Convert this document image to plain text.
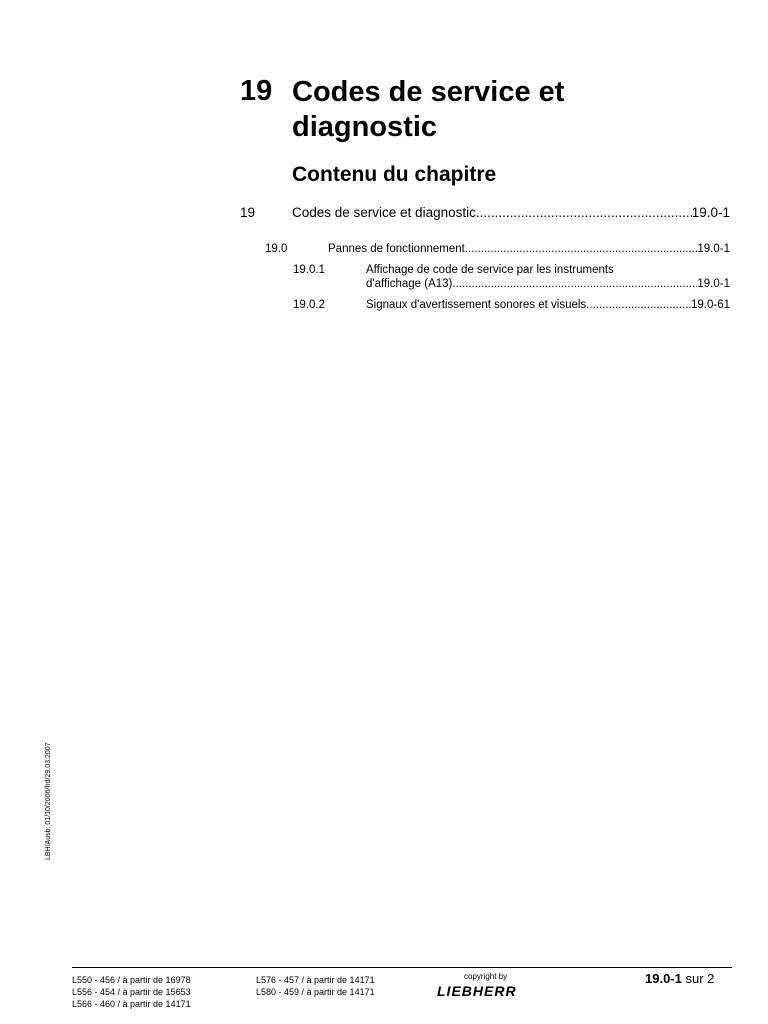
19 Codes de service et diagnostic
Contenu du chapitre
19	Codes de service et diagnostic .....	19.0-1
19.0	Pannes de fonctionnement .....	19.0-1
19.0.1	Affichage de code de service par les instruments
d'affichage (A13) .....	19.0-1
19.0.2	Signaux d'avertissement sonores et visuels .....	19.0-61
LBH/Ausb: 01/10/2006/frd/29.03.2007
L550 - 456 / à partir de 16978
L556 - 454 / à partir de 15653
L566 - 460 / à partir de 14171
L576 - 457 / à partir de 14171
L580 - 459 / à partir de 14171
copyright by
LIEBHERR
19.0-1 sur 2
